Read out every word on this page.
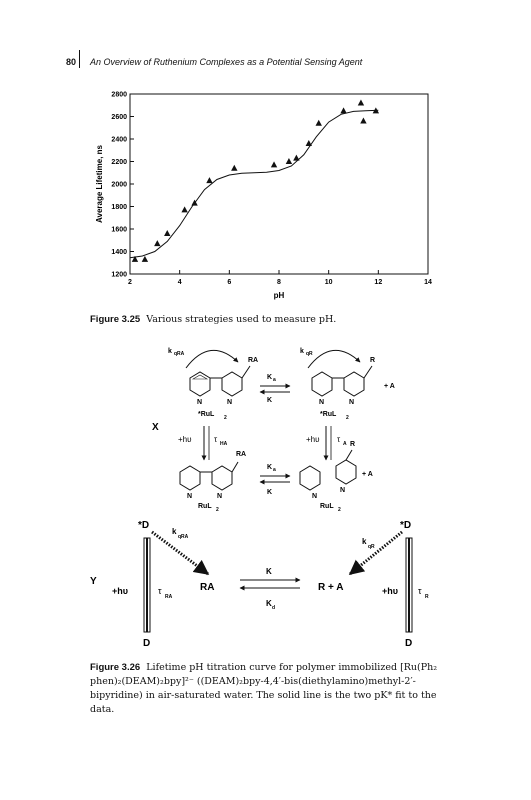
80 An Overview of Ruthenium Complexes as a Potential Sensing Agent
2	4	6	8	10	12	14
1200
1400
1600
1800
2000
2200
2400
2600
2800
Average Lifetime, ns
pH
Figure 3.25 Various strategies used to measure pH.
N	N
*RuL 2
RA
k qRA
K a
K	N	N
*RuL 2
R
+ A
k qR
X
+hυ	τ HA	+hυ τ A
N	N
RuL 2
RA
K a
K
N
N
RuL 2
R
+ A
*D	*D
D	D
Y
+hυ	τ
RA
k
qRA
RA
K
K d
R + A
k
qR
+hυ τ
R
Figure 3.26 Lifetime pH titration curve for polymer immobilized [Ru(Ph₂ phen)₂(DEAM)₂bpy]²⁻ ((DEAM)₂bpy-4,4′-bis(diethylamino)methyl-2′-bipyridine) in air-saturated water. The solid line is the two pK* fit to the data.
